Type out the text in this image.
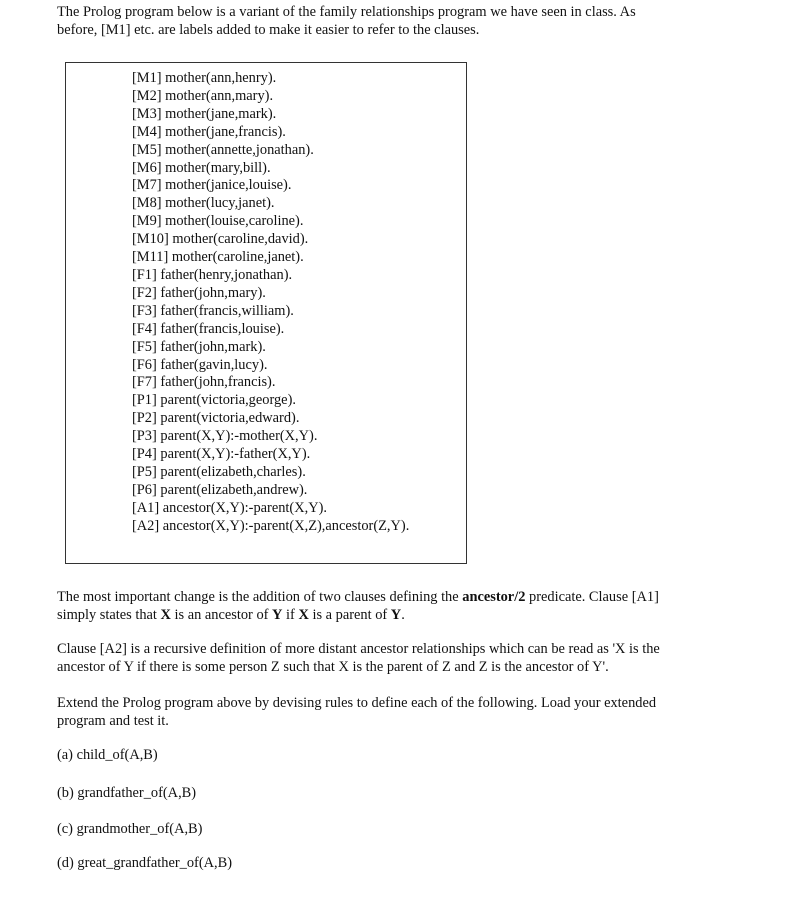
The Prolog program below is a variant of the family relationships program we have seen in class. As
before, [M1] etc. are labels added to make it easier to refer to the clauses.

[M1] mother(ann,henry).
[M2] mother(ann,mary).
[M3] mother(jane,mark).
[M4] mother(jane,francis).
[M5] mother(annette,jonathan).
[M6] mother(mary,bill).
[M7] mother(janice,louise).
[M8] mother(lucy,janet).
[M9] mother(louise,caroline).
[M10] mother(caroline,david).
[M11] mother(caroline,janet).
[F1] father(henry,jonathan).
[F2] father(john,mary).
[F3] father(francis,william).
[F4] father(francis,louise).
[F5] father(john,mark).
[F6] father(gavin,lucy).
[F7] father(john,francis).
[P1] parent(victoria,george).
[P2] parent(victoria,edward).
[P3] parent(X,Y):-mother(X,Y).
[P4] parent(X,Y):-father(X,Y).
[P5] parent(elizabeth,charles).
[P6] parent(elizabeth,andrew).
[A1] ancestor(X,Y):-parent(X,Y).
[A2] ancestor(X,Y):-parent(X,Z),ancestor(Z,Y).

The most important change is the addition of two clauses defining the ancestor/2 predicate. Clause [A1]
simply states that X is an ancestor of Y if X is a parent of Y.

Clause [A2] is a recursive definition of more distant ancestor relationships which can be read as 'X is the
ancestor of Y if there is some person Z such that X is the parent of Z and Z is the ancestor of Y'.

Extend the Prolog program above by devising rules to define each of the following. Load your extended
program and test it.

(a) child_of(A,B)
(b) grandfather_of(A,B)
(c) grandmother_of(A,B)
(d) great_grandfather_of(A,B)
